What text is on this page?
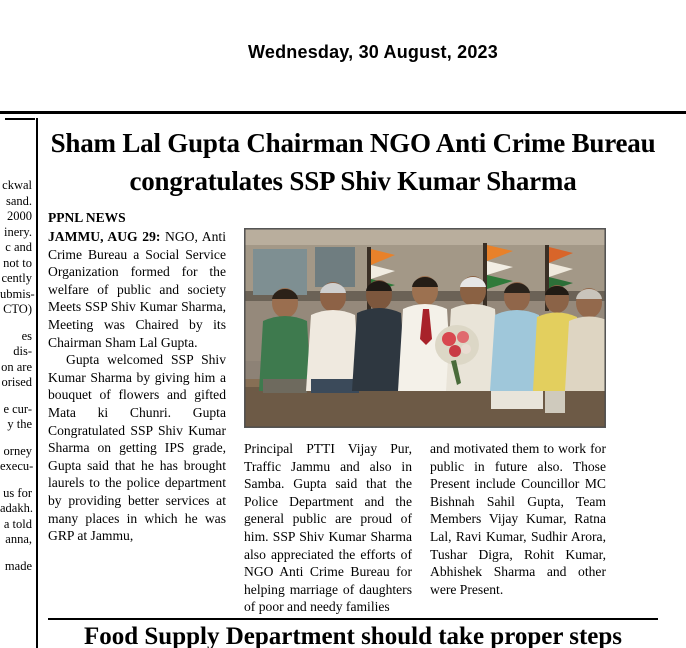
Wednesday, 30 August, 2023

ckwal
sand.
2000
inery.
c and
not to
cently
ubmis-
CTO)

es dis-
on are
orised

e cur-
y the

orney
execu-

us for
adakh.
a told
anna,

made

Sham Lal Gupta Chairman NGO Anti Crime Bureau
congratulates SSP Shiv Kumar Sharma
PPNL NEWS
JAMMU, AUG 29: NGO, Anti Crime Bureau a Social Service Organization formed for the welfare of public and society Meets SSP Shiv Kumar Sharma, Meeting was Chaired by its Chairman Sham Lal Gupta.
Gupta welcomed SSP Shiv Kumar Sharma by giving him a bouquet of flowers and gifted Mata ki Chunri. Gupta Congratulated SSP Shiv Kumar Sharma on getting IPS grade, Gupta said that he has brought laurels to the police department by providing better services at many places in which he was GRP at Jammu,
Principal PTTI Vijay Pur, Traffic Jammu and also in Samba. Gupta said that the Police Department and the general public are proud of him. SSP Shiv Kumar Sharma also appreciated the efforts of NGO Anti Crime Bureau for helping marriage of daughters of poor and needy families
and motivated them to work for public in future also. Those Present include Councillor MC Bishnah Sahil Gupta, Team Members Vijay Kumar, Ratna Lal, Ravi Kumar, Sudhir Arora, Tushar Digra, Rohit Kumar, Abhishek Sharma and other were Present.
Food Supply Department should take proper steps
